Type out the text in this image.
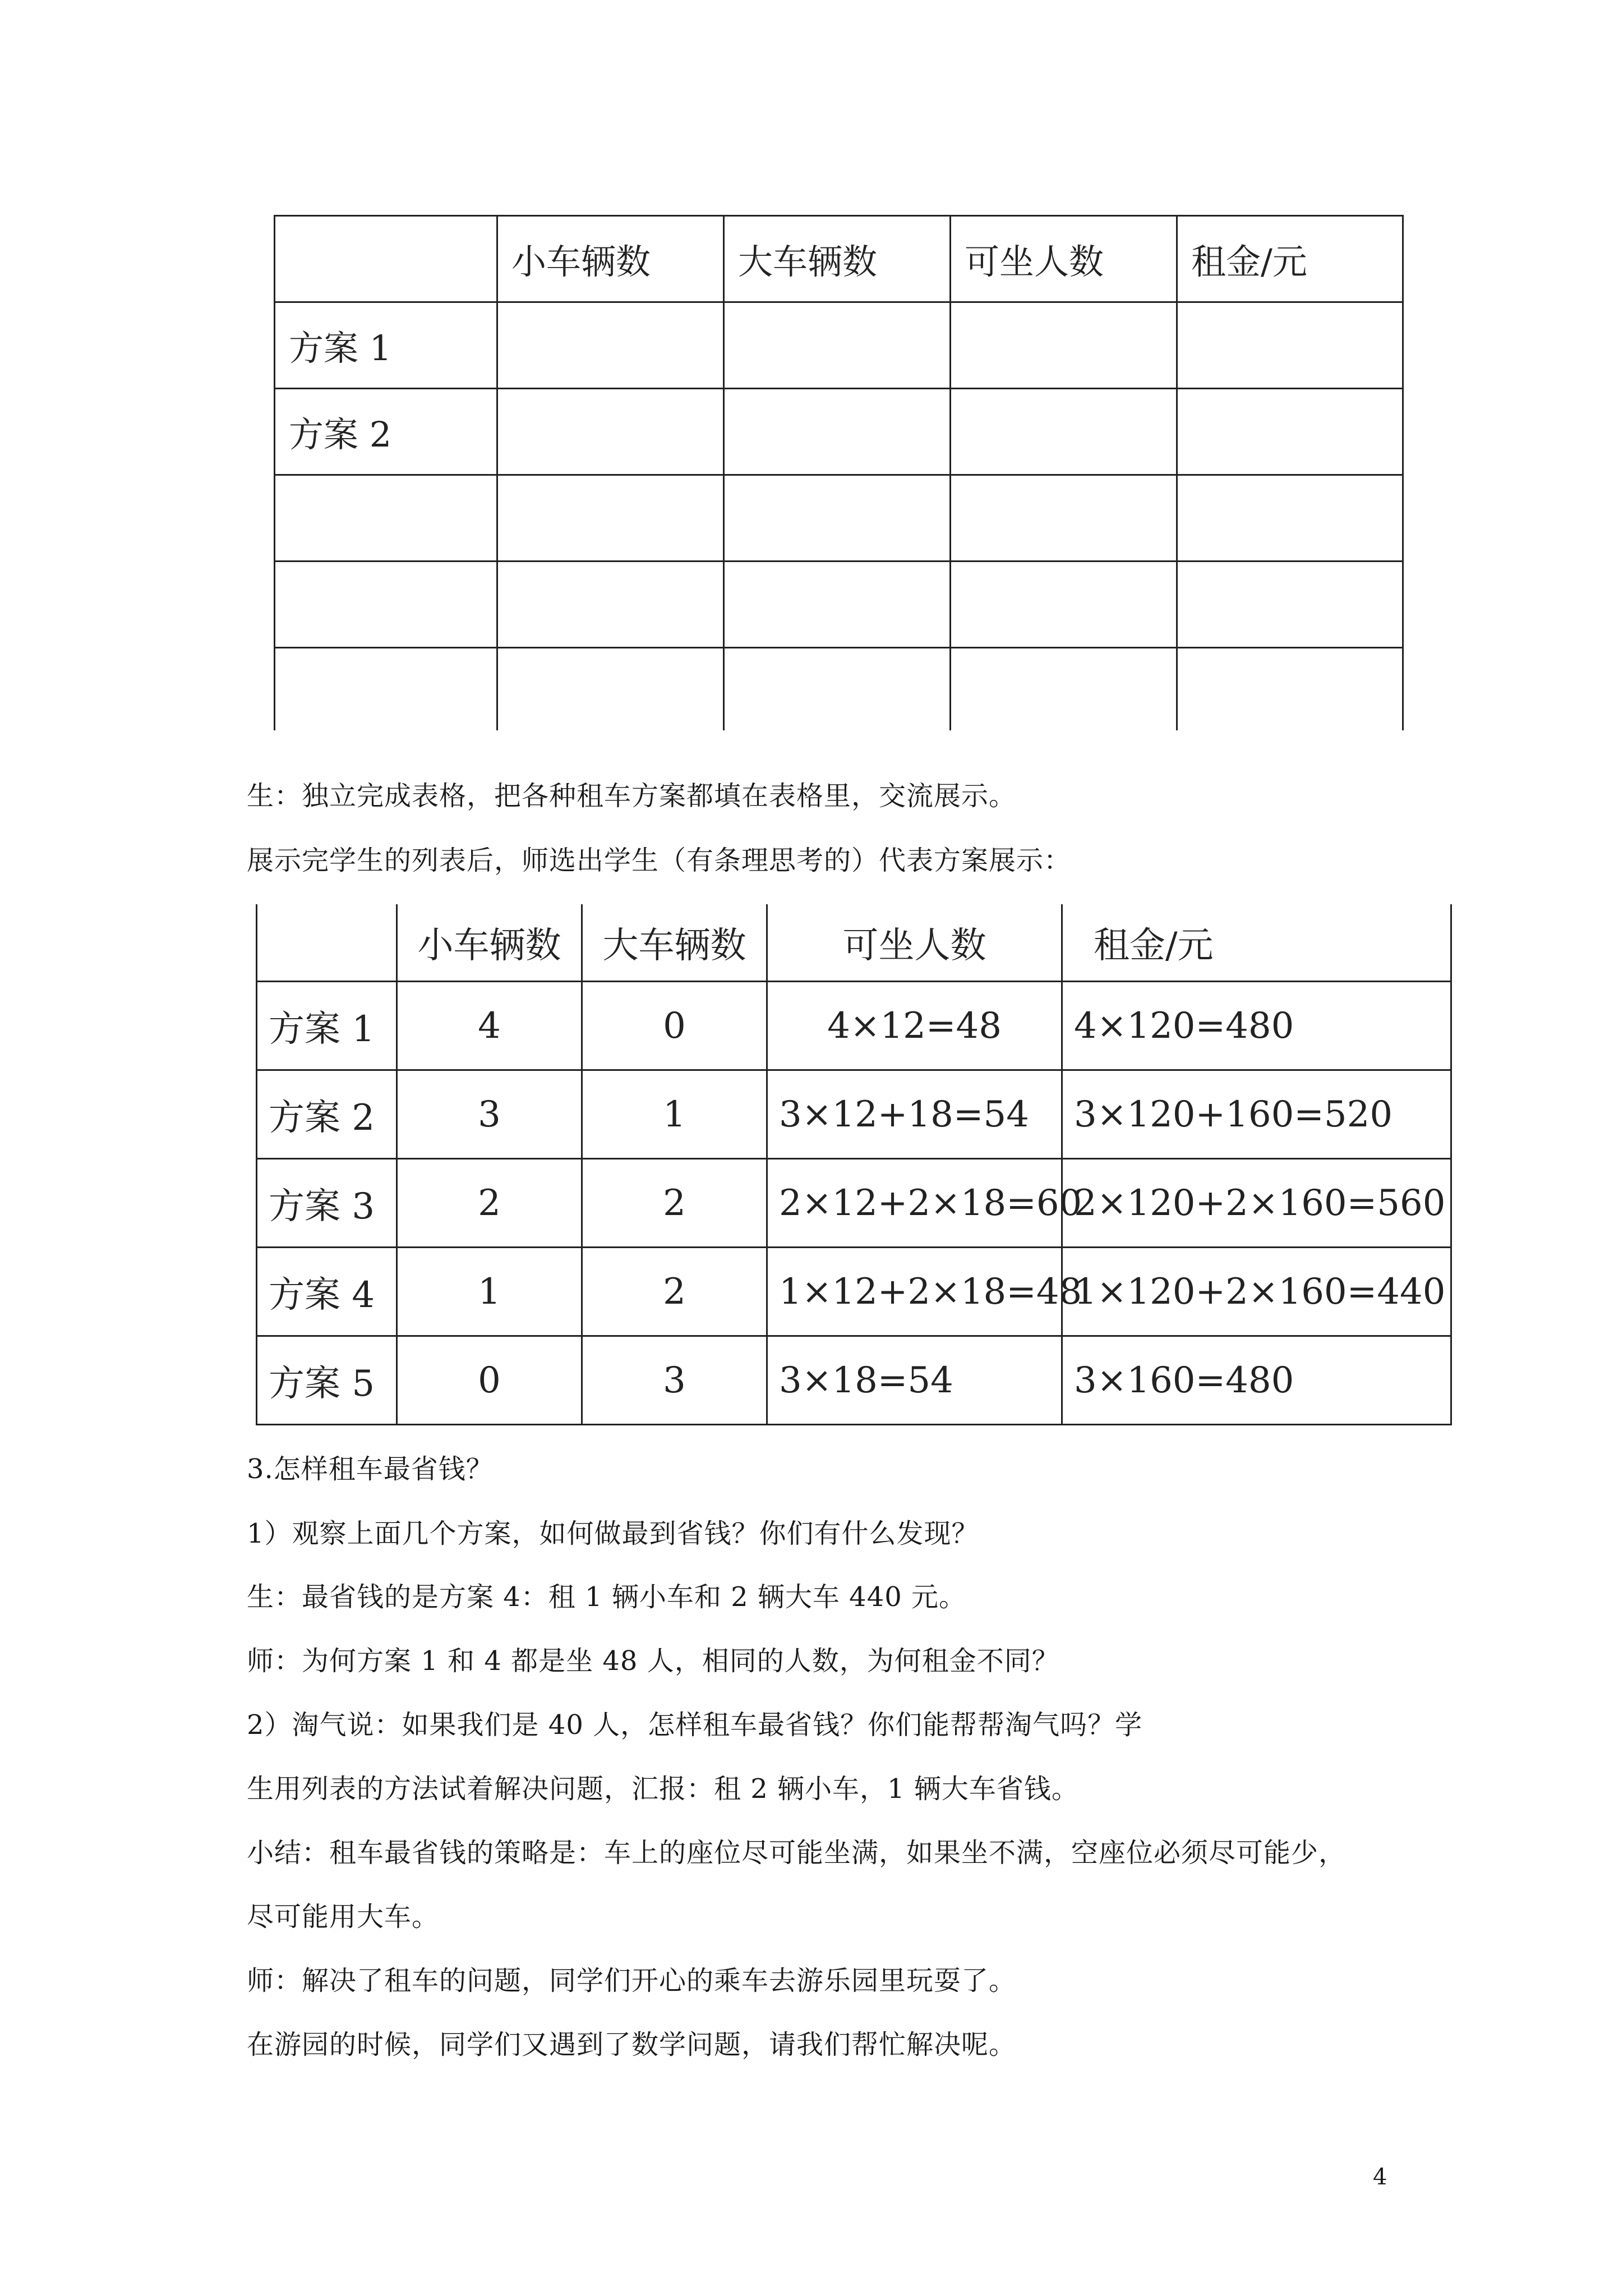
	小车辆数	大车辆数	可坐人数	租金/元
方案 1				
方案 2				

生：独立完成表格，把各种租车方案都填在表格里，交流展示。
展示完学生的列表后，师选出学生（有条理思考的）代表方案展示：
	小车辆数	大车辆数	可坐人数	租金/元
方案 1	4	0	4×12=48	4×120=480
方案 2	3	1	3×12+18=54	3×120+160=520
方案 3	2	2	2×12+2×18=60	2×120+2×160=560
方案 4	1	2	1×12+2×18=48	1×120+2×160=440
方案 5	0	3	3×18=54	3×160=480
3.怎样租车最省钱？
1）观察上面几个方案，如何做最到省钱？你们有什么发现？
生：最省钱的是方案 4：租 1 辆小车和 2 辆大车 440 元。
师：为何方案 1 和 4 都是坐 48 人，相同的人数，为何租金不同？
2）淘气说：如果我们是 40 人，怎样租车最省钱？你们能帮帮淘气吗？学
生用列表的方法试着解决问题，汇报：租 2 辆小车，1 辆大车省钱。
小结：租车最省钱的策略是：车上的座位尽可能坐满，如果坐不满，空座位必须尽可能少，
尽可能用大车。
师：解决了租车的问题，同学们开心的乘车去游乐园里玩耍了。
在游园的时候，同学们又遇到了数学问题，请我们帮忙解决呢。
4
